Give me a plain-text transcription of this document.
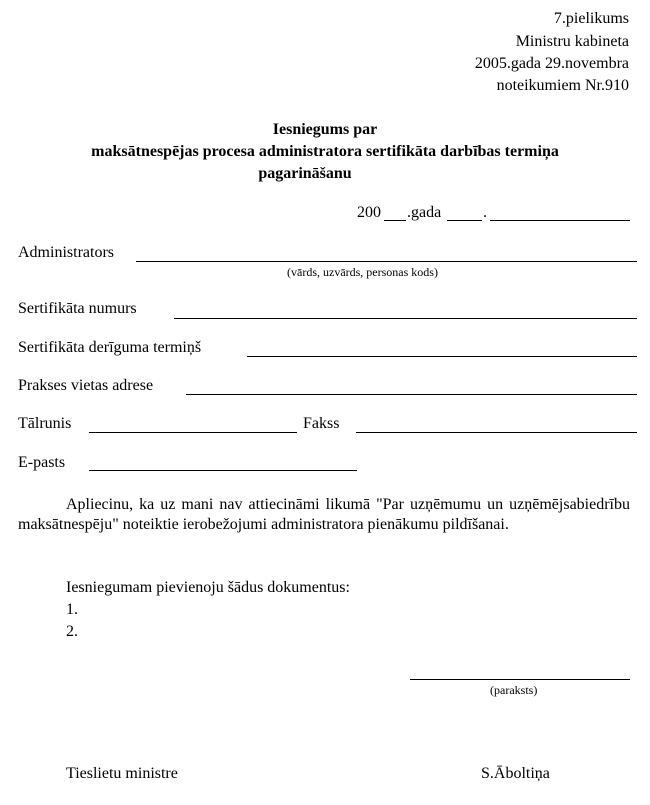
7.pielikums
Ministru kabineta
2005.gada 29.novembra
noteikumiem Nr.910
Iesniegums par
maksātnespējas procesa administratora sertifikāta darbības termiņa
pagarināšanu
200 .gada	.
Administrators
(vārds, uzvārds, personas kods)
Sertifikāta numurs
Sertifikāta derīguma termiņš
Prakses vietas adrese
Tālrunis	Fakss
E-pasts
Apliecinu, ka uz mani nav attiecināmi likumā "Par uzņēmumu un uzņēmējsabiedrību maksātnespēju" noteiktie ierobežojumi administratora pienākumu pildīšanai.
Iesniegumam pievienoju šādus dokumentus:
1.
2.
(paraksts)
Tieslietu ministre	S.Āboltiņa
